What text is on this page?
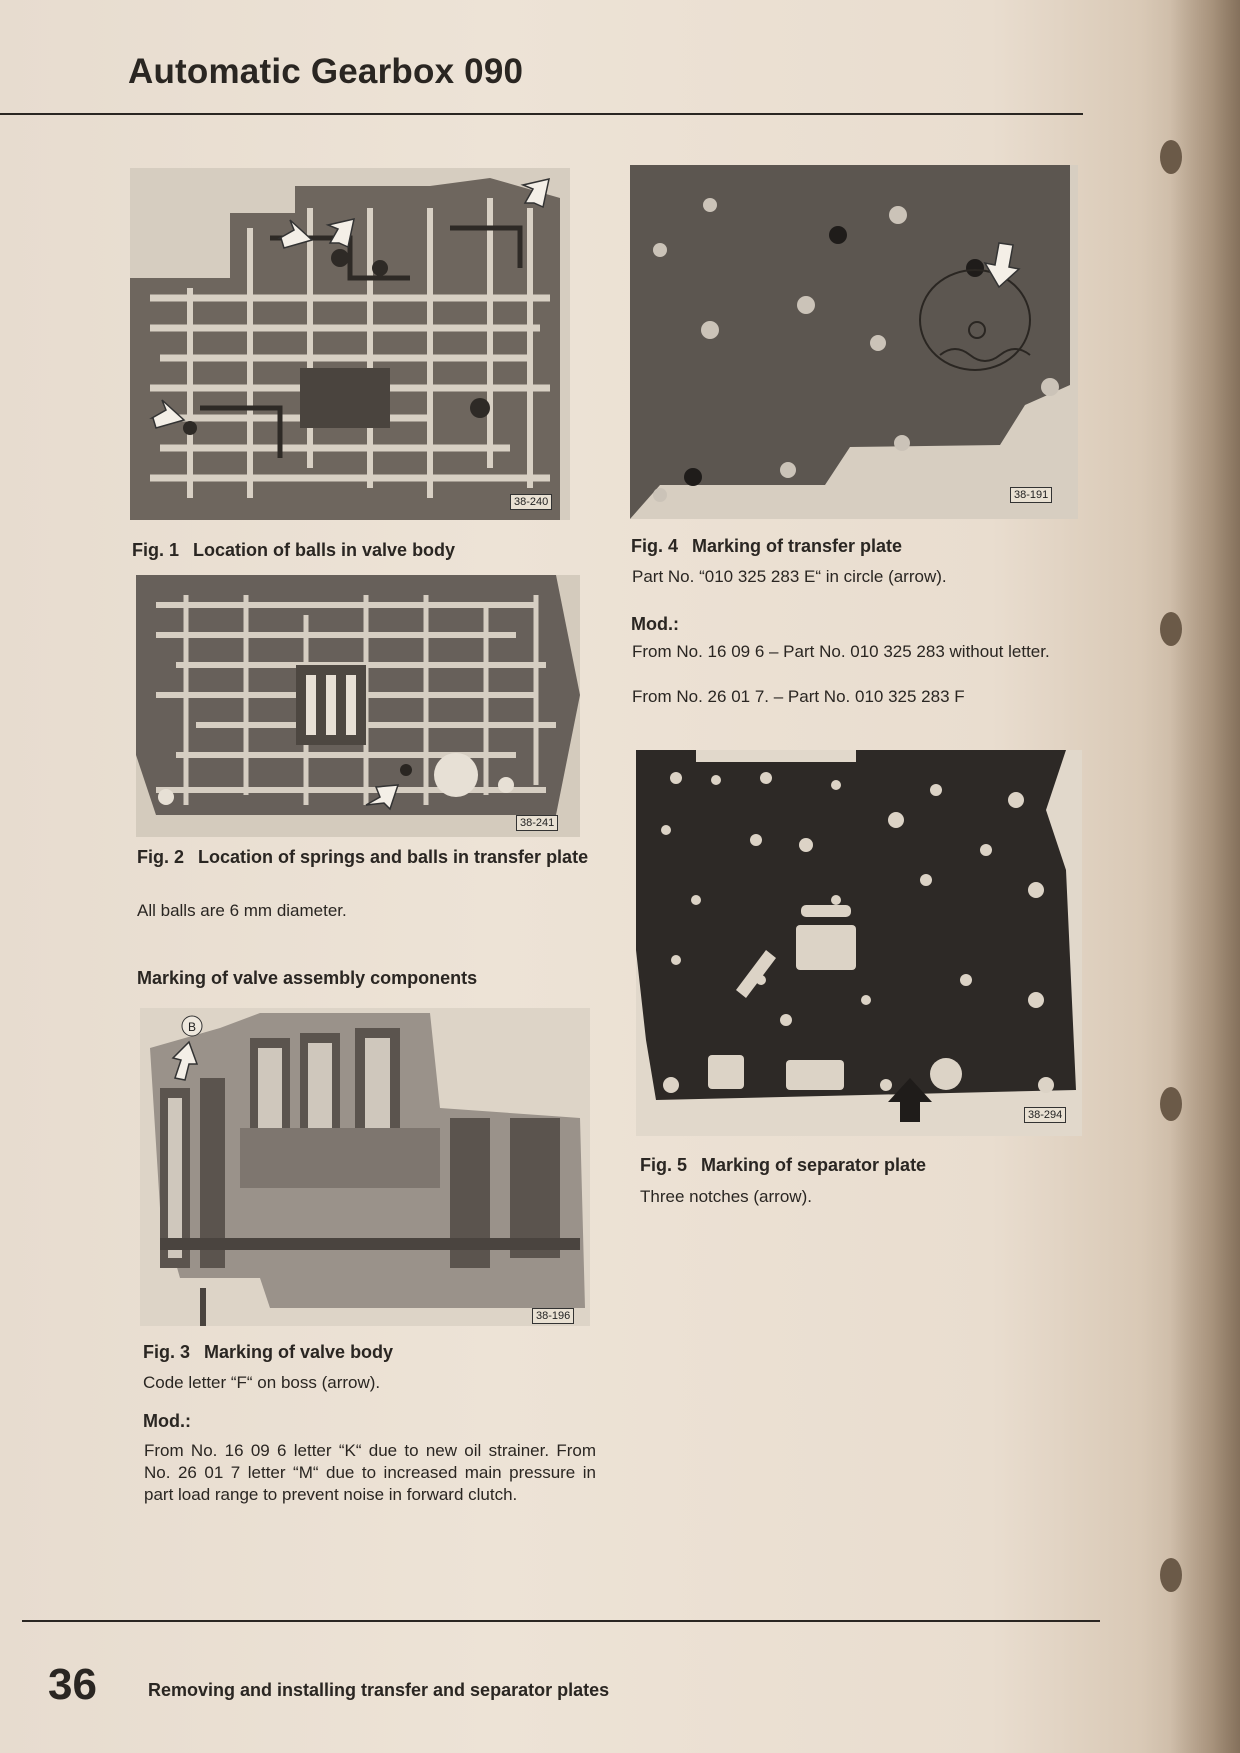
Automatic Gearbox 090
38-240
Fig. 1 Location of balls in valve body
38-241
Fig. 2 Location of springs and balls in transfer plate
All balls are 6 mm diameter.
Marking of valve assembly components
B
38-196
Fig. 3 Marking of valve body
Code letter “F“ on boss (arrow).
Mod.:
From No. 16 09 6 letter “K“ due to new oil strainer. From No. 26 01 7 letter “M“ due to increased main pressure in part load range to prevent noise in forward clutch.
38-191
Fig. 4 Marking of transfer plate
Part No. “010 325 283 E“ in circle (arrow).
Mod.:
From No. 16 09 6 – Part No. 010 325 283 without letter.
From No. 26 01 7. – Part No. 010 325 283 F
38-294
Fig. 5 Marking of separator plate
Three notches (arrow).
36	Removing and installing transfer and separator plates
